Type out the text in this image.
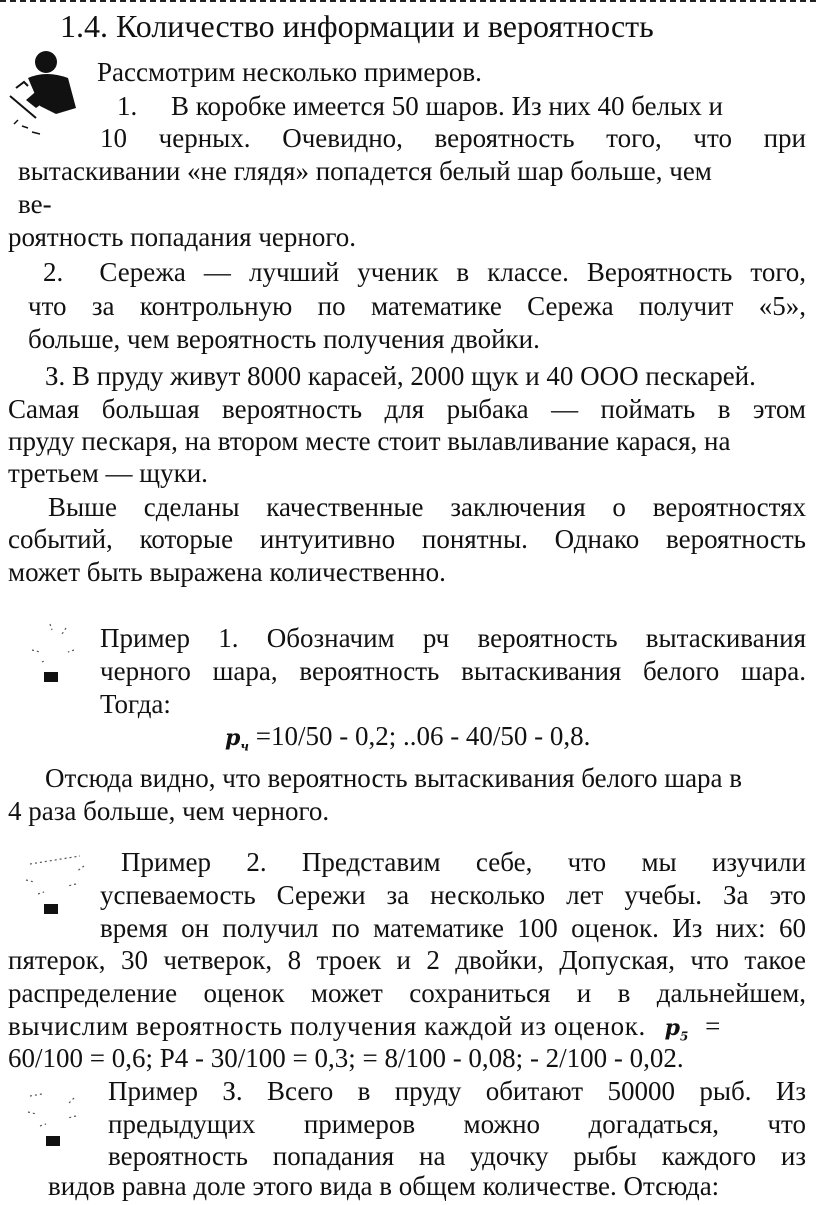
1.4. Количество информации и вероятность
Рассмотрим несколько примеров.
1.     В коробке имеется 50 шаров. Из них 40 белых и
10 черных. Очевидно, вероятность того, что при
вытаскивании «не глядя» попадется белый шар больше, чем
ве-
роятность попадания черного.
2.  Сережа — лучший ученик в классе. Вероятность того,
что за контрольную по математике Сережа получит «5»,
больше, чем вероятность получения двойки.
З. В пруду живут 8000 карасей, 2000 щук и 40 ООО пескарей.
Самая большая вероятность для рыбака — поймать в этом
пруду пескаря, на втором месте стоит вылавливание карася, на
третьем — щуки.
Выше сделаны качественные заключения о вероятностях
событий, которые интуитивно понятны. Однако вероятность
может быть выражена количественно.
Пример 1. Обозначим рч вероятность вытаскивания
черного шара, вероятность вытаскивания белого шара.
Тогда:
$p_ч =10/50 - 0,2$; ..06 - 40/50 - 0,8.
Отсюда видно, что вероятность вытаскивания белого шара в
4 раза больше, чем черного.
Пример 2. Представим себе, что мы изучили
успеваемость Сережи за несколько лет учебы. За это
время он получил по математике 100 оценок. Из них: 60
пятерок, 30 четверок, 8 троек и 2 двойки, Допуская, что такое
распределение оценок может сохраниться и в дальнейшем,
вычислим вероятность получения каждой из оценок. $p_5$ =
60/100 = 0,6; Р4 - 30/100 = 0,3; = 8/100 - 0,08; - 2/100 - 0,02.
Пример З. Всего в пруду обитают 50000 рыб. Из
предыдущих примеров можно догадаться, что
вероятность попадания на удочку рыбы каждого из
видов равна доле этого вида в общем количестве. Отсюда:
